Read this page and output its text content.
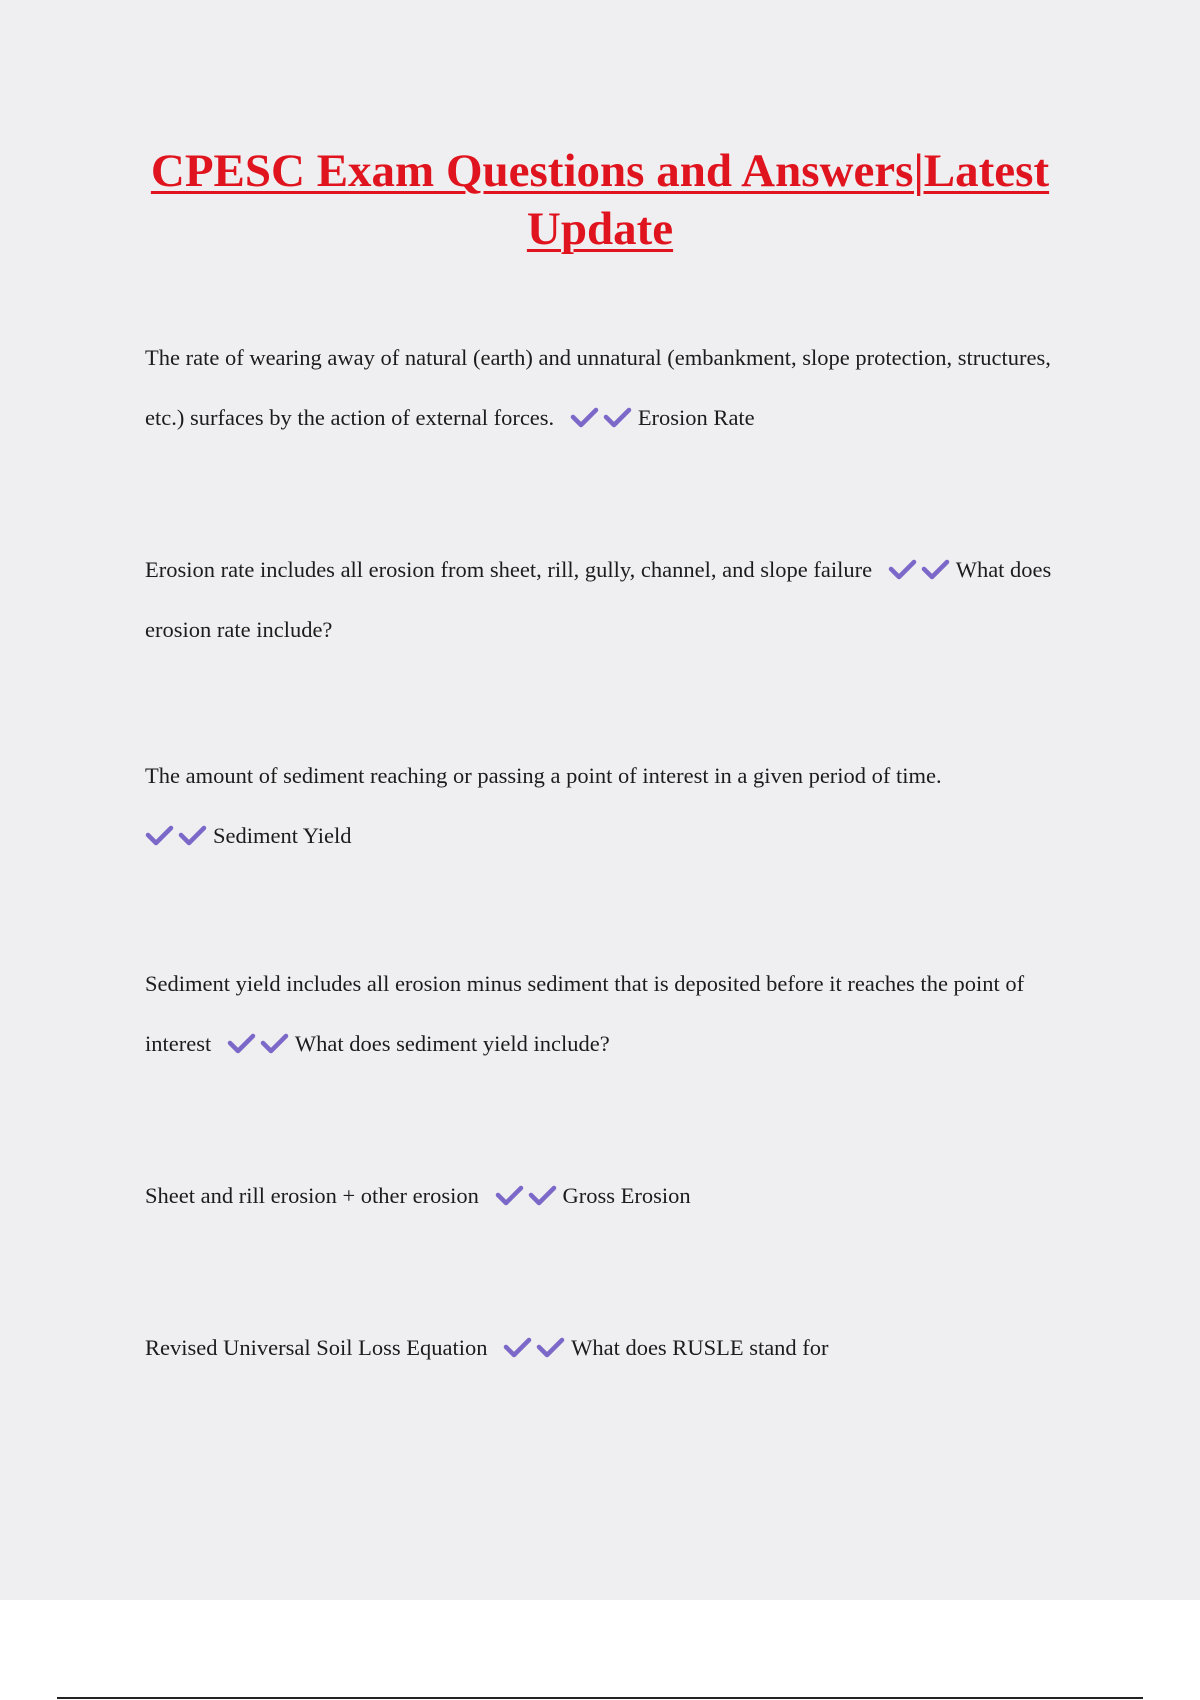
CPESC Exam Questions and Answers|Latest Update

The rate of wearing away of natural (earth) and unnatural (embankment, slope protection, structures, etc.) surfaces by the action of external forces.	Erosion Rate

Erosion rate includes all erosion from sheet, rill, gully, channel, and slope failure	What does erosion rate include?

The amount of sediment reaching or passing a point of interest in a given period of time.

Sediment Yield

Sediment yield includes all erosion minus sediment that is deposited before it reaches the point of interest	What does sediment yield include?

Sheet and rill erosion + other erosion	Gross Erosion

Revised Universal Soil Loss Equation	What does RUSLE stand for
